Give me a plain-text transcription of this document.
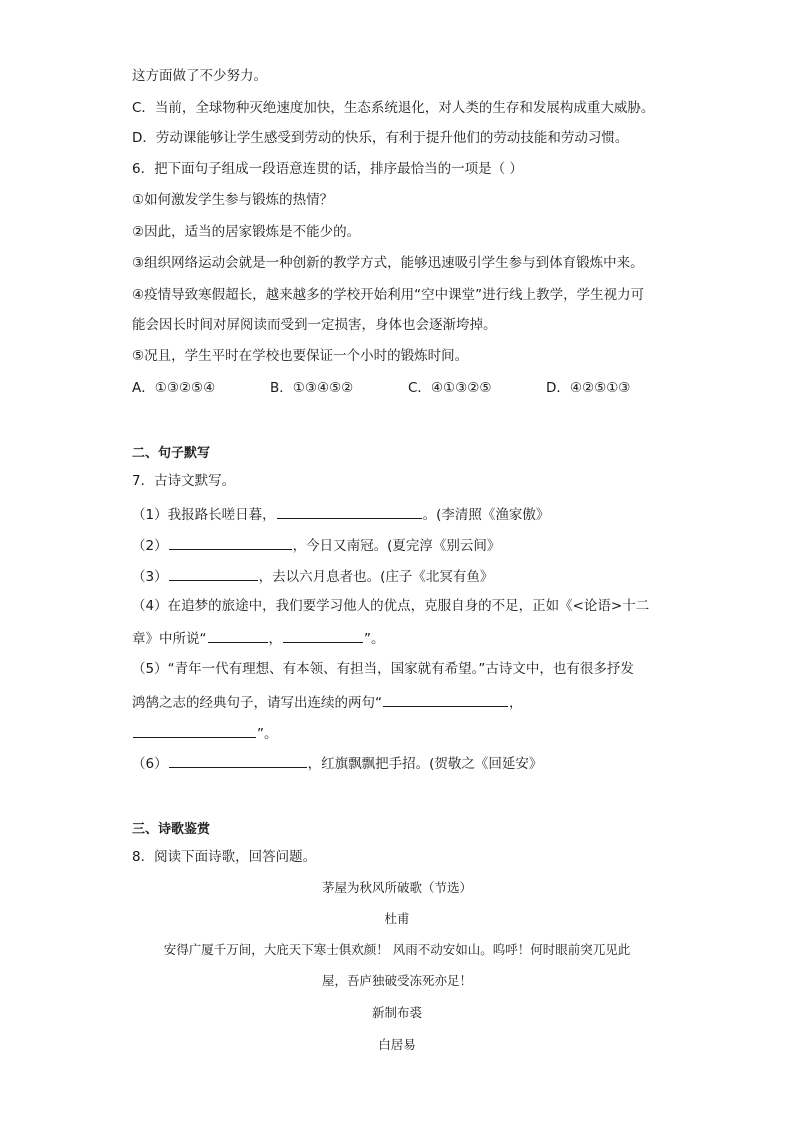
这方面做了不少努力。
C．当前，全球物种灭绝速度加快，生态系统退化，对人类的生存和发展构成重大威胁。
D．劳动课能够让学生感受到劳动的快乐，有利于提升他们的劳动技能和劳动习惯。
6．把下面句子组成一段语意连贯的话，排序最恰当的一项是（ ）
①如何激发学生参与锻炼的热情？
②因此，适当的居家锻炼是不能少的。
③组织网络运动会就是一种创新的教学方式，能够迅速吸引学生参与到体育锻炼中来。
④疫情导致寒假超长，越来越多的学校开始利用“空中课堂”进行线上教学，学生视力可
能会因长时间对屏阅读而受到一定损害，身体也会逐渐垮掉。
⑤况且，学生平时在学校也要保证一个小时的锻炼时间。
A．①③②⑤④	B．①③④⑤②	C．④①③②⑤	D．④②⑤①③
二、句子默写
7．古诗文默写。
（1）我报路长嗟日暮，	。(李清照《渔家傲》
（2）	，今日又南冠。(夏完淳《别云间》
（3）	，去以六月息者也。(庄子《北冥有鱼》
（4）在追梦的旅途中，我们要学习他人的优点，克服自身的不足，正如《<论语>十二
章》中所说“	，	”。
（5）“青年一代有理想、有本领、有担当，国家就有希望。”古诗文中，也有很多抒发
鸿鹄之志的经典句子，请写出连续的两句“	，
”。
（6）	，红旗飘飘把手招。(贺敬之《回延安》
三、诗歌鉴赏
8．阅读下面诗歌，回答问题。
茅屋为秋风所破歌（节选）
杜甫
安得广厦千万间，大庇天下寒士俱欢颜！ 风雨不动安如山。呜呼！何时眼前突兀见此
屋，吾庐独破受冻死亦足！
新制布裘
白居易
